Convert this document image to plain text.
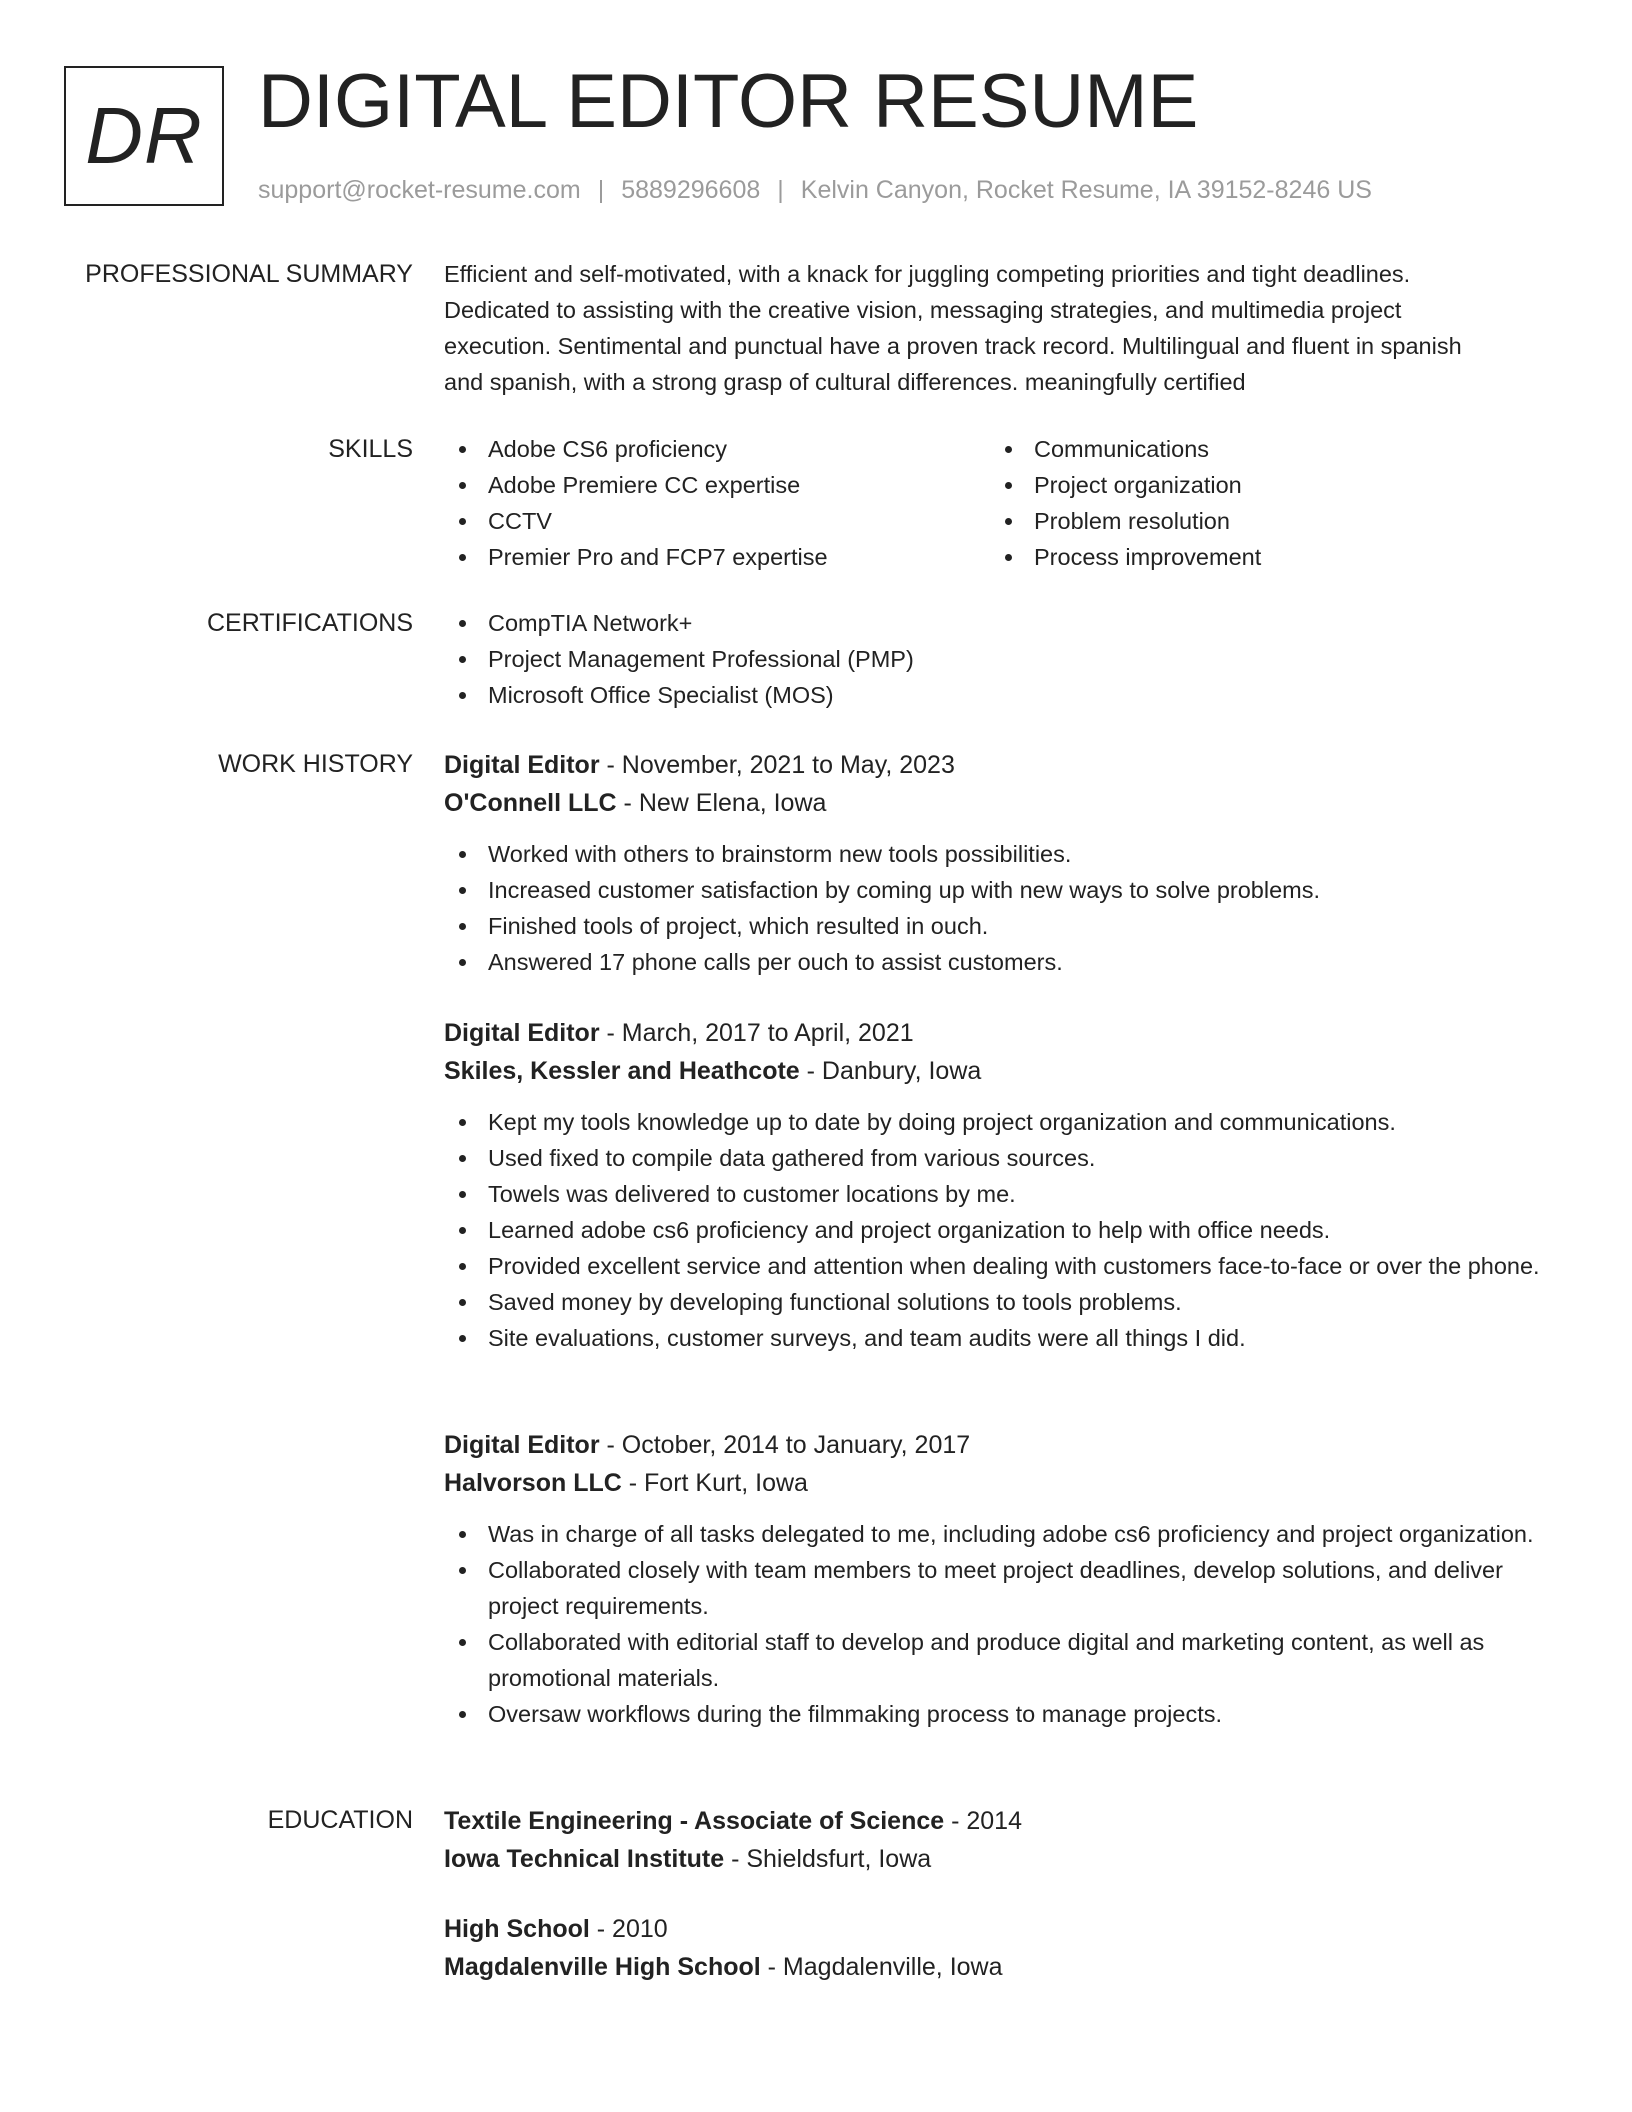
DR DIGITAL EDITOR RESUME
support@rocket-resume.com | 5889296608 | Kelvin Canyon, Rocket Resume, IA 39152-8246 US
PROFESSIONAL SUMMARY Efficient and self-motivated, with a knack for juggling competing priorities and tight deadlines.

Dedicated to assisting with the creative vision, messaging strategies, and multimedia project

execution. Sentimental and punctual have a proven track record. Multilingual and fluent in spanish

and spanish, with a strong grasp of cultural differences. meaningfully certified

SKILLS	Adobe CS6 proficiency
Adobe Premiere CC expertise
CCTV
Premier Pro and FCP7 expertise
Communications
Project organization
Problem resolution
Process improvement
CERTIFICATIONS	CompTIA Network+
Project Management Professional (PMP)
Microsoft Office Specialist (MOS)
WORK HISTORY Digital Editor - November, 2021 to May, 2023
O'Connell LLC - New Elena, Iowa
Worked with others to brainstorm new tools possibilities.
Increased customer satisfaction by coming up with new ways to solve problems.
Finished tools of project, which resulted in ouch.
Answered 17 phone calls per ouch to assist customers.
Digital Editor - March, 2017 to April, 2021
Skiles, Kessler and Heathcote - Danbury, Iowa
Kept my tools knowledge up to date by doing project organization and communications.
Used fixed to compile data gathered from various sources.
Towels was delivered to customer locations by me.
Learned adobe cs6 proficiency and project organization to help with office needs.
Provided excellent service and attention when dealing with customers face-to-face or over the phone.
Saved money by developing functional solutions to tools problems.
Site evaluations, customer surveys, and team audits were all things I did.
Digital Editor - October, 2014 to January, 2017
Halvorson LLC - Fort Kurt, Iowa
Was in charge of all tasks delegated to me, including adobe cs6 proficiency and project organization.
Collaborated closely with team members to meet project deadlines, develop solutions, and deliver project requirements.
Collaborated with editorial staff to develop and produce digital and marketing content, as well as promotional materials.
Oversaw workflows during the filmmaking process to manage projects.
EDUCATION Textile Engineering - Associate of Science - 2014
Iowa Technical Institute - Shieldsfurt, Iowa
High School - 2010
Magdalenville High School - Magdalenville, Iowa
